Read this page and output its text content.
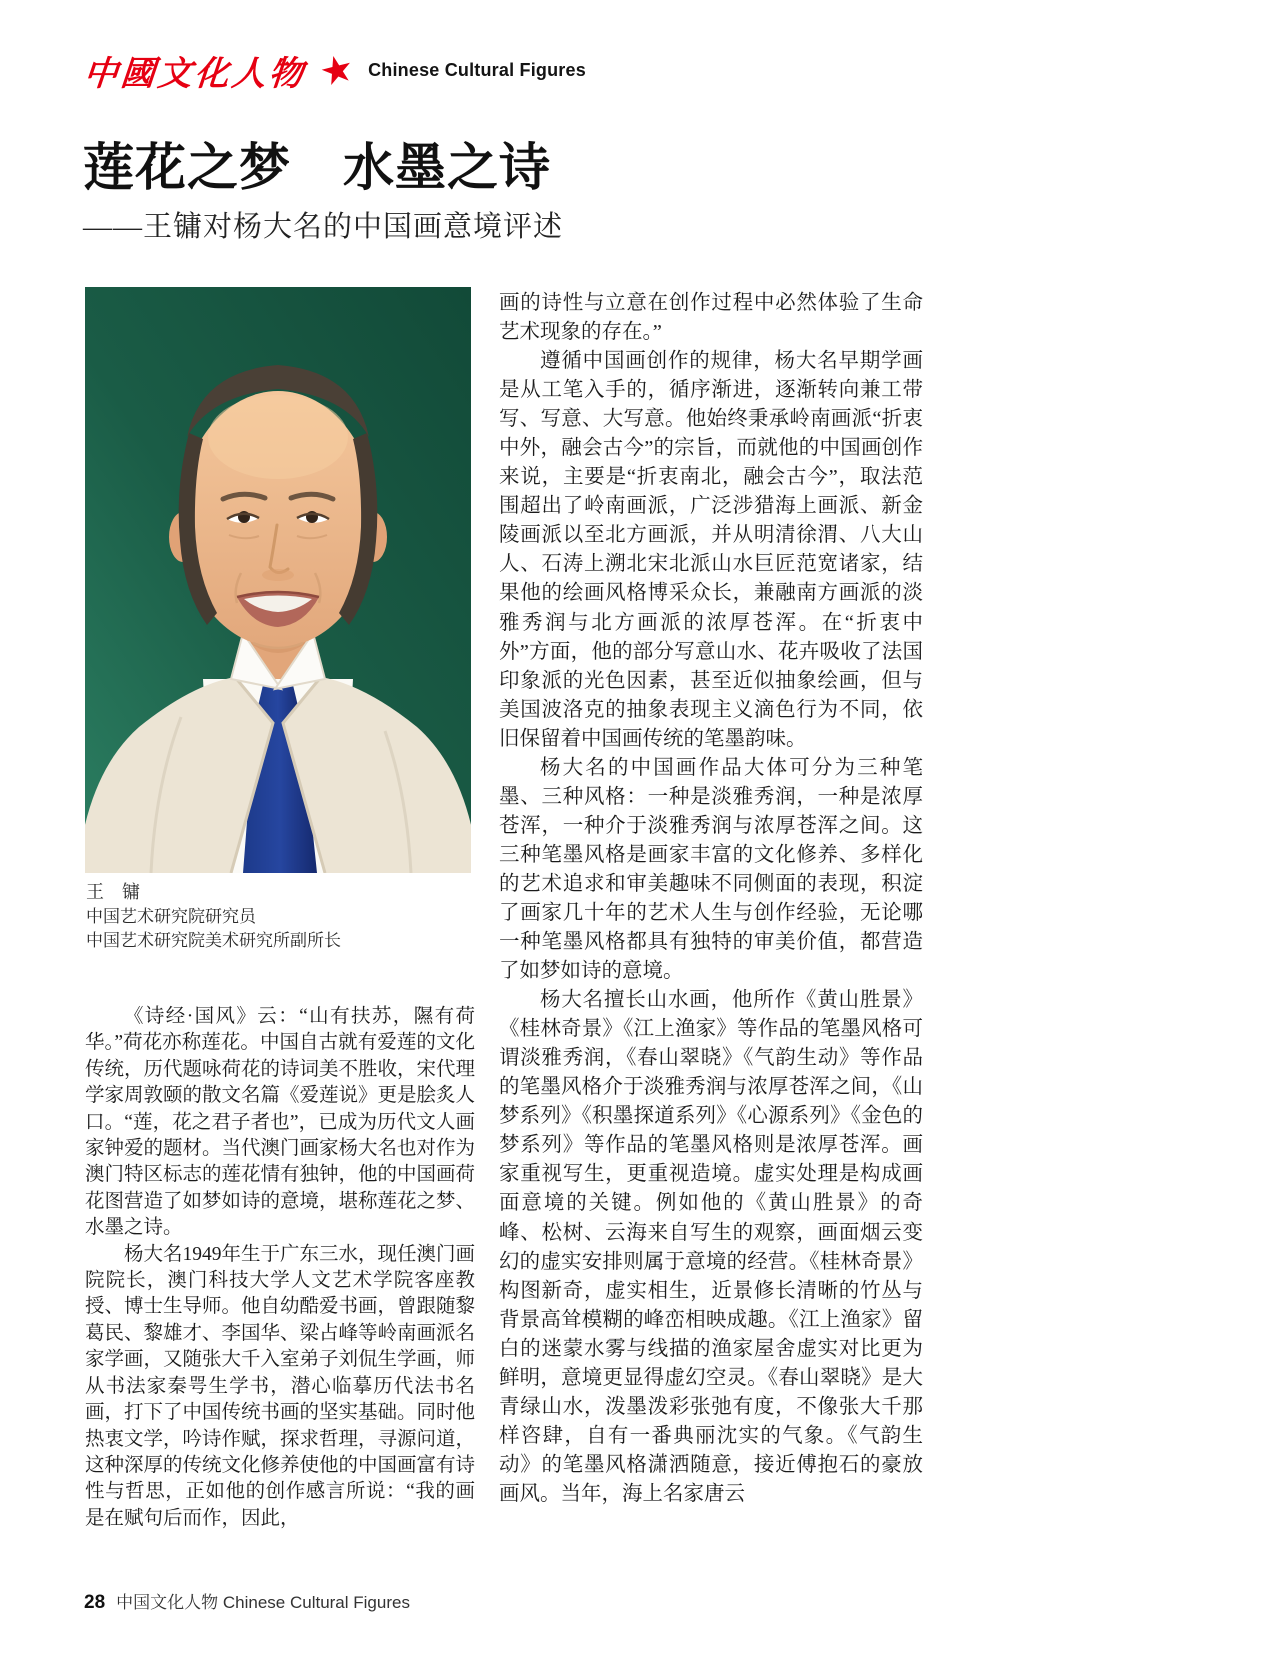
中國文化人物 ★ Chinese Cultural Figures
莲花之梦　水墨之诗
——王镛对杨大名的中国画意境评述
王　镛
中国艺术研究院研究员
中国艺术研究院美术研究所副所长

《诗经·国风》云：“山有扶苏，隰有荷华。”荷花亦称莲花。中国自古就有爱莲的文化传统，历代题咏荷花的诗词美不胜收，宋代理学家周敦颐的散文名篇《爱莲说》更是脍炙人口。“莲，花之君子者也”，已成为历代文人画家钟爱的题材。当代澳门画家杨大名也对作为澳门特区标志的莲花情有独钟，他的中国画荷花图营造了如梦如诗的意境，堪称莲花之梦、水墨之诗。

杨大名1949年生于广东三水，现任澳门画院院长，澳门科技大学人文艺术学院客座教授、博士生导师。他自幼酷爱书画，曾跟随黎葛民、黎雄才、李国华、梁占峰等岭南画派名家学画，又随张大千入室弟子刘侃生学画，师从书法家秦咢生学书，潜心临摹历代法书名画，打下了中国传统书画的坚实基础。同时他热衷文学，吟诗作赋，探求哲理，寻源问道，这种深厚的传统文化修养使他的中国画富有诗性与哲思，正如他的创作感言所说：“我的画是在赋句后而作，因此，

画的诗性与立意在创作过程中必然体验了生命艺术现象的存在。”

遵循中国画创作的规律，杨大名早期学画是从工笔入手的，循序渐进，逐渐转向兼工带写、写意、大写意。他始终秉承岭南画派“折衷中外，融会古今”的宗旨，而就他的中国画创作来说，主要是“折衷南北，融会古今”，取法范围超出了岭南画派，广泛涉猎海上画派、新金陵画派以至北方画派，并从明清徐渭、八大山人、石涛上溯北宋北派山水巨匠范宽诸家，结果他的绘画风格博采众长，兼融南方画派的淡雅秀润与北方画派的浓厚苍浑。在“折衷中外”方面，他的部分写意山水、花卉吸收了法国印象派的光色因素，甚至近似抽象绘画，但与美国波洛克的抽象表现主义滴色行为不同，依旧保留着中国画传统的笔墨韵味。

杨大名的中国画作品大体可分为三种笔墨、三种风格：一种是淡雅秀润，一种是浓厚苍浑，一种介于淡雅秀润与浓厚苍浑之间。这三种笔墨风格是画家丰富的文化修养、多样化的艺术追求和审美趣味不同侧面的表现，积淀了画家几十年的艺术人生与创作经验，无论哪一种笔墨风格都具有独特的审美价值，都营造了如梦如诗的意境。

杨大名擅长山水画，他所作《黄山胜景》《桂林奇景》《江上渔家》等作品的笔墨风格可谓淡雅秀润，《春山翠晓》《气韵生动》等作品的笔墨风格介于淡雅秀润与浓厚苍浑之间，《山梦系列》《积墨探道系列》《心源系列》《金色的梦系列》等作品的笔墨风格则是浓厚苍浑。画家重视写生，更重视造境。虚实处理是构成画面意境的关键。例如他的《黄山胜景》的奇峰、松树、云海来自写生的观察，画面烟云变幻的虚实安排则属于意境的经营。《桂林奇景》构图新奇，虚实相生，近景修长清晰的竹丛与背景高耸模糊的峰峦相映成趣。《江上渔家》留白的迷蒙水雾与线描的渔家屋舍虚实对比更为鲜明，意境更显得虚幻空灵。《春山翠晓》是大青绿山水，泼墨泼彩张弛有度，不像张大千那样咨肆，自有一番典丽沈实的气象。《气韵生动》的笔墨风格潇洒随意，接近傅抱石的豪放画风。当年，海上名家唐云

28 中国文化人物 Chinese Cultural Figures
